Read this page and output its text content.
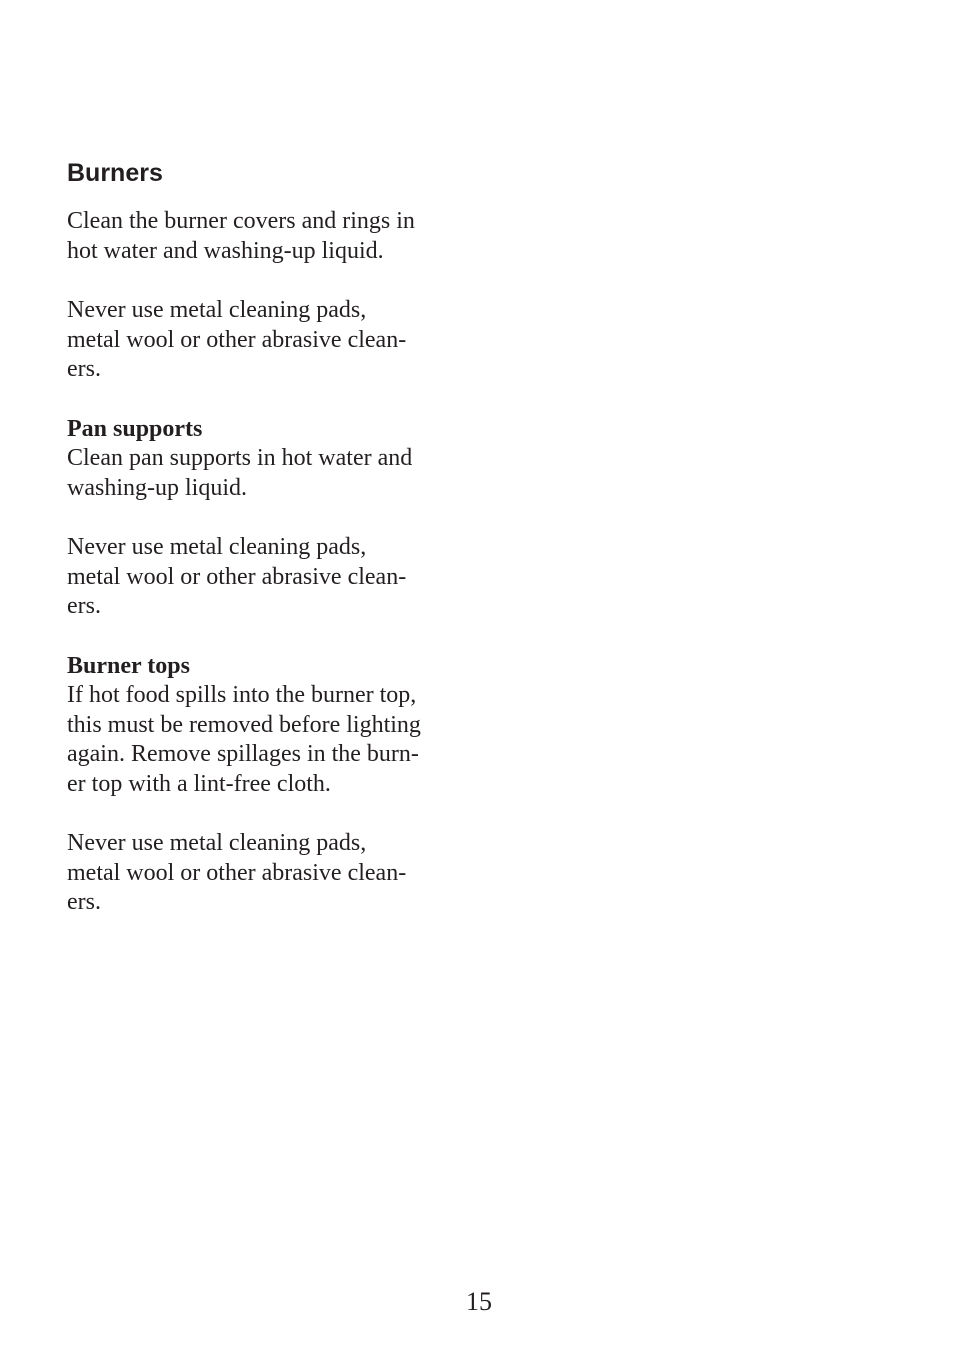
Burners

Clean the burner covers and rings in
hot water and washing-up liquid.

Never use metal cleaning pads,
metal wool or other abrasive clean-
ers.

Pan supports

Clean pan supports in hot water and
washing-up liquid.

Never use metal cleaning pads,
metal wool or other abrasive clean-
ers.

Burner tops

If hot food spills into the burner top,
this must be removed before lighting
again. Remove spillages in the burn-
er top with a lint-free cloth.

Never use metal cleaning pads,
metal wool or other abrasive clean-
ers.

15
